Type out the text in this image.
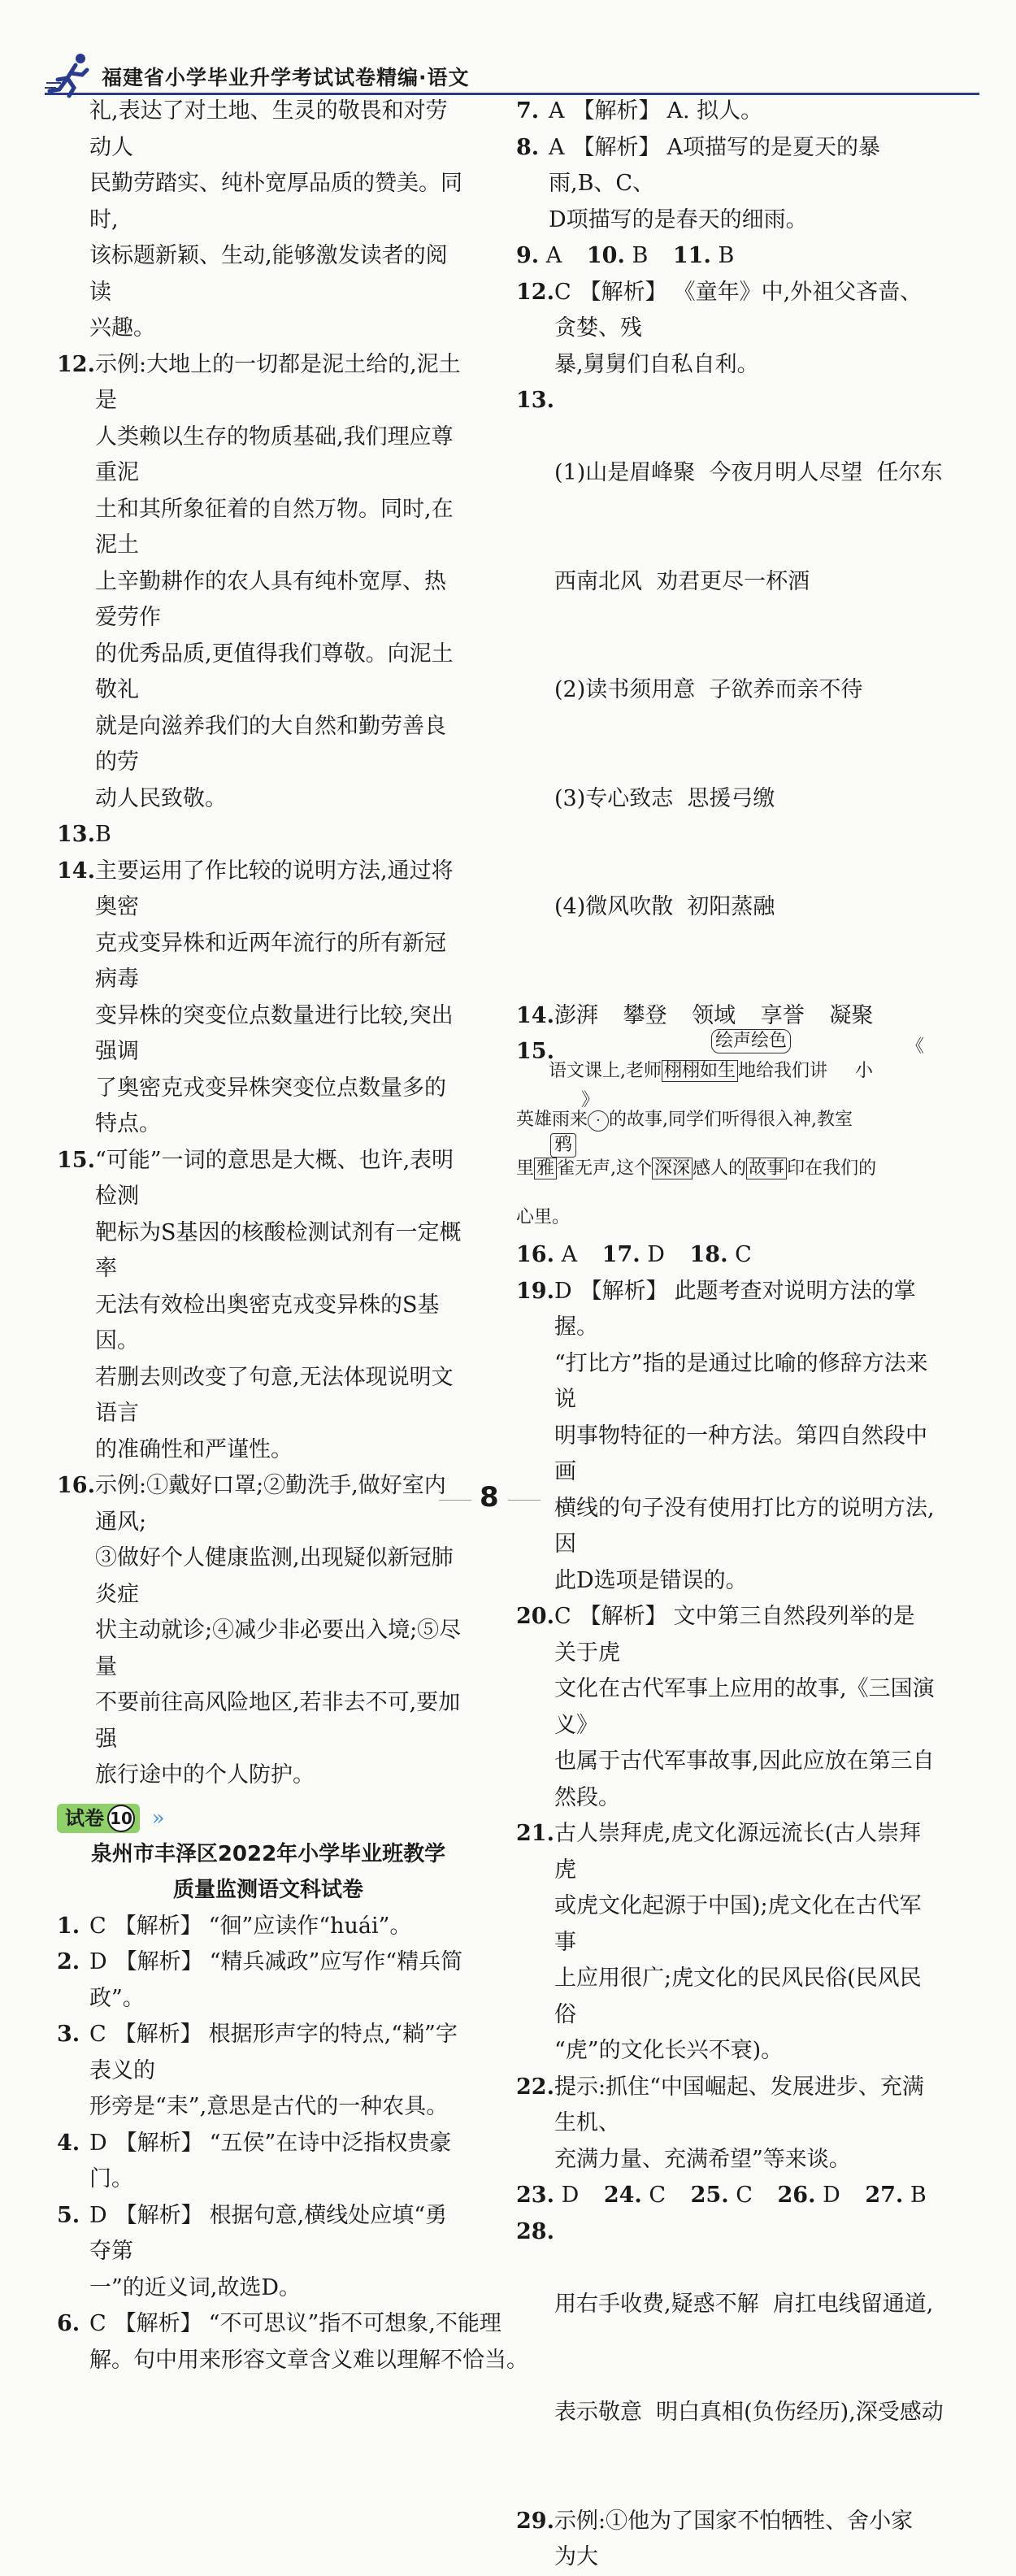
福建省小学毕业升学考试试卷精编·语文
礼,表达了对土地、生灵的敬畏和对劳动人
民勤劳踏实、纯朴宽厚品质的赞美。同时,
该标题新颖、生动,能够激发读者的阅读
兴趣。
12. 示例:大地上的一切都是泥土给的,泥土是
人类赖以生存的物质基础,我们理应尊重泥
土和其所象征着的自然万物。同时,在泥土
上辛勤耕作的农人具有纯朴宽厚、热爱劳作
的优秀品质,更值得我们尊敬。向泥土敬礼
就是向滋养我们的大自然和勤劳善良的劳
动人民致敬。
13. B
14. 主要运用了作比较的说明方法,通过将奥密
克戎变异株和近两年流行的所有新冠病毒
变异株的突变位点数量进行比较,突出强调
了奥密克戎变异株突变位点数量多的特点。
15. “可能”一词的意思是大概、也许,表明检测
靶标为S基因的核酸检测试剂有一定概率
无法有效检出奥密克戎变异株的S基因。
若删去则改变了句意,无法体现说明文语言
的准确性和严谨性。
16. 示例:①戴好口罩;②勤洗手,做好室内通风;
③做好个人健康监测,出现疑似新冠肺炎症
状主动就诊;④减少非必要出入境;⑤尽量
不要前往高风险地区,若非去不可,要加强
旅行途中的个人防护。
试卷 10 »
泉州市丰泽区2022年小学毕业班教学
质量监测语文科试卷
1. C 【解析】 “徊”应读作“huái”。
2. D 【解析】 “精兵减政”应写作“精兵简政”。
3. C 【解析】 根据形声字的特点,“耥”字表义的
形旁是“耒”,意思是古代的一种农具。
4. D 【解析】 “五侯”在诗中泛指权贵豪门。
5. D 【解析】 根据句意,横线处应填“勇夺第
一”的近义词,故选D。
6. C 【解析】 “不可思议”指不可想象,不能理
解。句中用来形容文章含义难以理解不恰当。
7. A 【解析】 A. 拟人。
8. A 【解析】 A项描写的是夏天的暴雨,B、C、
D项描写的是春天的细雨。
9. A 10. B 11. B
12. C 【解析】 《童年》中,外祖父吝啬、贪婪、残
暴,舅舅们自私自利。
13.

(1)山是眉峰聚  今夜月明人尽望  任尔东

西南北风  劝君更尽一杯酒

(2)读书须用意  子欲养而亲不待

(3)专心致志  思援弓缴

(4)微风吹散  初阳蒸融

14. 澎湃 攀登 领域 享誉 凝聚
15.	绘声绘色	《
语文课上,老师 栩栩如生 地给我们讲 小
》
英雄雨来 · 的故事,同学们听得很入神,教室
鸦
里 雅 雀无声,这个 深深 感人的 故事 印在我们的
心里。
16. A 17. D 18. C
19. D 【解析】 此题考查对说明方法的掌握。
“打比方”指的是通过比喻的修辞方法来说
明事物特征的一种方法。第四自然段中画
横线的句子没有使用打比方的说明方法,因
此D选项是错误的。
20. C 【解析】 文中第三自然段列举的是关于虎
文化在古代军事上应用的故事,《三国演义》
也属于古代军事故事,因此应放在第三自
然段。
21. 古人崇拜虎,虎文化源远流长(古人崇拜虎
或虎文化起源于中国);虎文化在古代军事
上应用很广;虎文化的民风民俗(民风民俗
“虎”的文化长兴不衰)。
22. 提示:抓住“中国崛起、发展进步、充满生机、
充满力量、充满希望”等来谈。
23. D 24. C 25. C 26. D 27. B
28.

用右手收费,疑惑不解  肩扛电线留通道,

表示敬意  明白真相(负伤经历),深受感动

29. 示例:①他为了国家不怕牺牲、舍小家为大
8
